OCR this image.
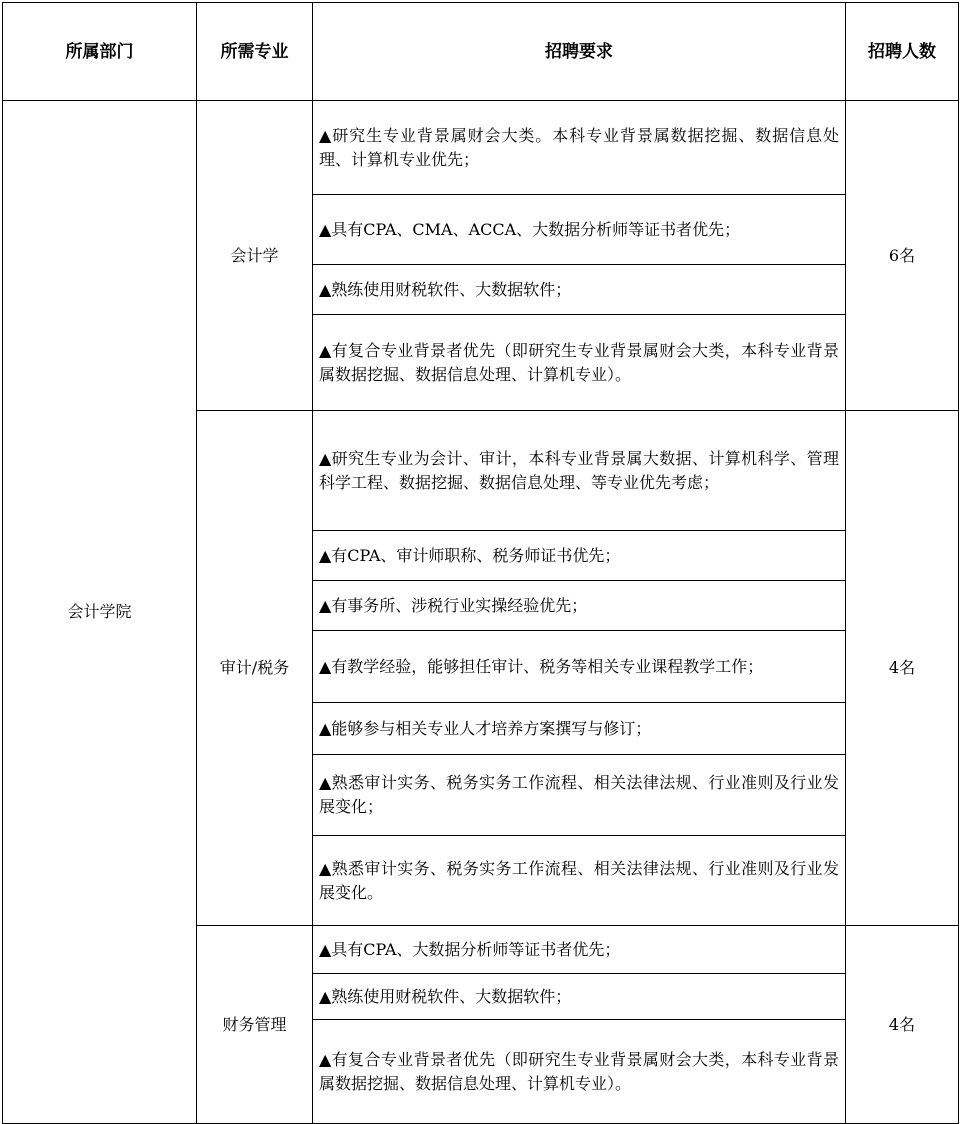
所属部门	所需专业	招聘要求	招聘人数
会计学院	会计学	▲研究生专业背景属财会大类。本科专业背景属数据挖掘、数据信息处理、计算机专业优先；	6名
		▲具有CPA、CMA、ACCA、大数据分析师等证书者优先；	
		▲熟练使用财税软件、大数据软件；	
		▲有复合专业背景者优先（即研究生专业背景属财会大类，本科专业背景属数据挖掘、数据信息处理、计算机专业）。	
	审计/税务	▲研究生专业为会计、审计，本科专业背景属大数据、计算机科学、管理科学工程、数据挖掘、数据信息处理、等专业优先考虑；	4名
		▲有CPA、审计师职称、税务师证书优先；	
		▲有事务所、涉税行业实操经验优先；	
		▲有教学经验，能够担任审计、税务等相关专业课程教学工作；	
		▲能够参与相关专业人才培养方案撰写与修订；	
		▲熟悉审计实务、税务实务工作流程、相关法律法规、行业准则及行业发展变化；	
		▲熟悉审计实务、税务实务工作流程、相关法律法规、行业准则及行业发展变化。	
	财务管理	▲具有CPA、大数据分析师等证书者优先；	4名
		▲熟练使用财税软件、大数据软件；	
		▲有复合专业背景者优先（即研究生专业背景属财会大类，本科专业背景属数据挖掘、数据信息处理、计算机专业）。	
